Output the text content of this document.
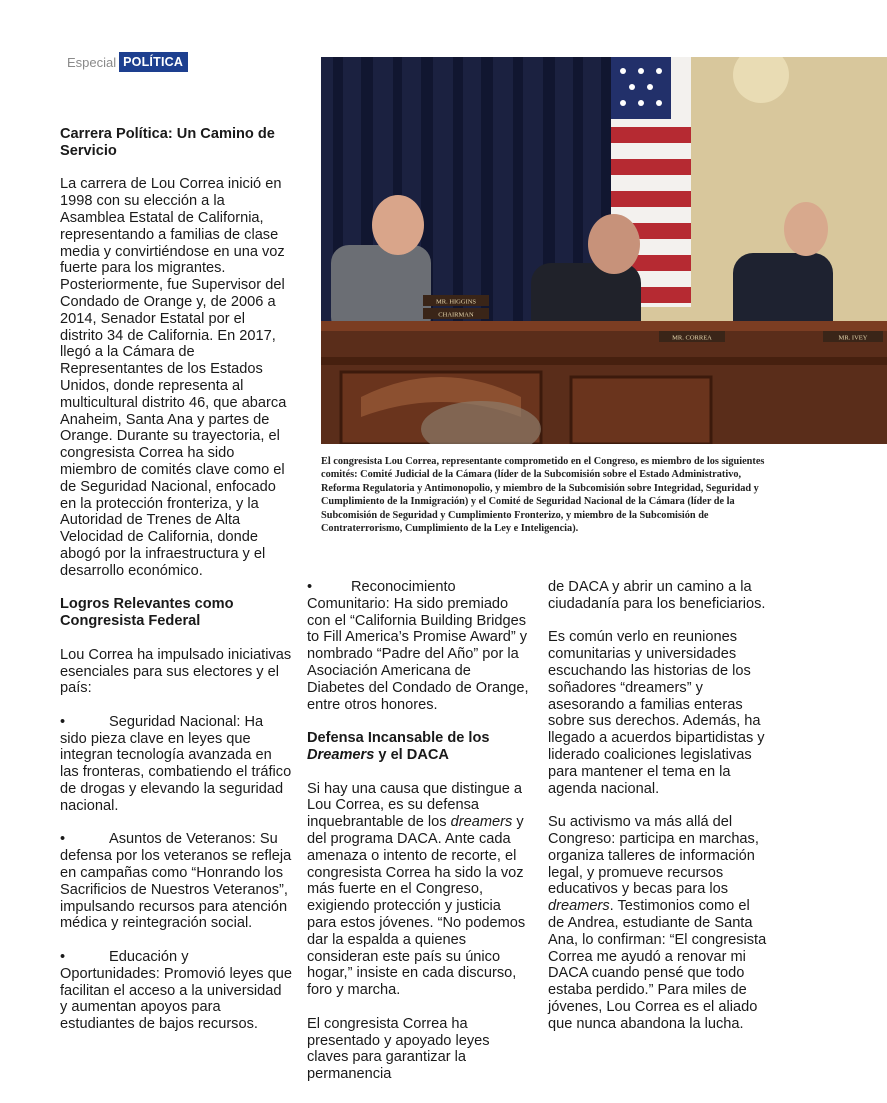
Especial POLÍTICA
MR. HIGGINS
CHAIRMAN
MR. CORREA	MR. IVEY
El congresista Lou Correa, representante comprometido en el Congreso, es miembro de los siguientes comités: Comité Judicial de la Cámara (líder de la Subcomisión sobre el Estado Administrativo, Reforma Regulatoria y Antimonopolio, y miembro de la Subcomisión sobre Integridad, Seguridad y Cumplimiento de la Inmigración) y el Comité de Seguridad Nacional de la Cámara (líder de la Subcomisión de Seguridad y Cumplimiento Fronterizo, y miembro de la Subcomisión de Contraterrorismo, Cumplimiento de la Ley e Inteligencia).
Carrera Política: Un Camino de Servicio

La carrera de Lou Correa inició en 1998 con su elección a la Asamblea Estatal de California, representando a familias de clase media y convirtiéndose en una voz fuerte para los migrantes. Posteriormente, fue Supervisor del Condado de Orange y, de 2006 a 2014, Senador Estatal por el distrito 34 de California. En 2017, llegó a la Cámara de Representantes de los Estados Unidos, donde representa al multicultural distrito 46, que abarca Anaheim, Santa Ana y partes de Orange. Durante su trayectoria, el congresista Correa ha sido miembro de comités clave como el de Seguridad Nacional, enfocado en la protección fronteriza, y la Autoridad de Trenes de Alta Velocidad de California, donde abogó por la infraestructura y el desarrollo económico.

Logros Relevantes como Congresista Federal

Lou Correa ha impulsado iniciativas esenciales para sus electores y el país:

•	Seguridad Nacional: Ha sido pieza clave en leyes que integran tecnología avanzada en las fronteras, combatiendo el tráfico de drogas y elevando la seguridad nacional.

•	Asuntos de Veteranos: Su defensa por los veteranos se refleja en campañas como “Honrando los Sacrificios de Nuestros Veteranos”, impulsando recursos para atención médica y reintegración social.

•	Educación y Oportunidades: Promovió leyes que facilitan el acceso a la universidad y aumentan apoyos para estudiantes de bajos recursos.

•	Reconocimiento Comunitario: Ha sido premiado con el “California Building Bridges to Fill America’s Promise Award” y nombrado “Padre del Año” por la Asociación Americana de Diabetes del Condado de Orange, entre otros honores.

Defensa Incansable de los Dreamers y el DACA

Si hay una causa que distingue a Lou Correa, es su defensa inquebrantable de los dreamers y del programa DACA. Ante cada amenaza o intento de recorte, el congresista Correa ha sido la voz más fuerte en el Congreso, exigiendo protección y justicia para estos jóvenes. “No podemos dar la espalda a quienes consideran este país su único hogar,” insiste en cada discurso, foro y marcha.

El congresista Correa ha presentado y apoyado leyes claves para garantizar la permanencia

de DACA y abrir un camino a la ciudadanía para los beneficiarios.

Es común verlo en reuniones comunitarias y universidades escuchando las historias de los soñadores “dreamers” y asesorando a familias enteras sobre sus derechos. Además, ha llegado a acuerdos bipartidistas y liderado coaliciones legislativas para mantener el tema en la agenda nacional.

Su activismo va más allá del Congreso: participa en marchas, organiza talleres de información legal, y promueve recursos educativos y becas para los dreamers. Testimonios como el de Andrea, estudiante de Santa Ana, lo confirman: “El congresista Correa me ayudó a renovar mi DACA cuando pensé que todo estaba perdido.” Para miles de jóvenes, Lou Correa es el aliado que nunca abandona la lucha.
